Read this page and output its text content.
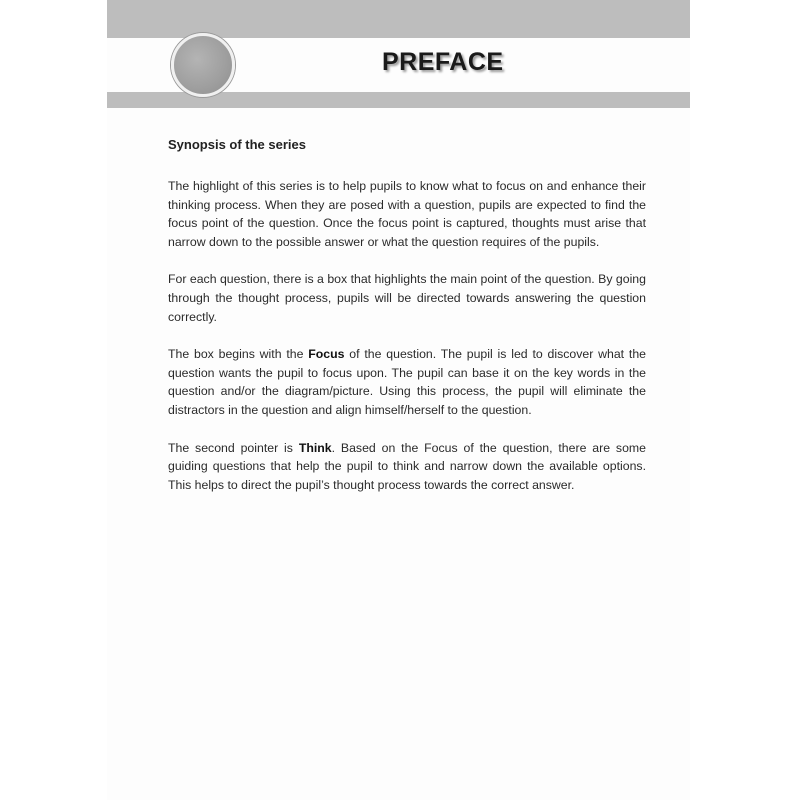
PREFACE
Synopsis of the series

The highlight of this series is to help pupils to know what to focus on and enhance their thinking process. When they are posed with a question, pupils are expected to find the focus point of the question. Once the focus point is captured, thoughts must arise that narrow down to the possible answer or what the question requires of the pupils.

For each question, there is a box that highlights the main point of the question. By going through the thought process, pupils will be directed towards answering the question correctly.

The box begins with the Focus of the question. The pupil is led to discover what the question wants the pupil to focus upon. The pupil can base it on the key words in the question and/or the diagram/picture. Using this process, the pupil will eliminate the distractors in the question and align himself/herself to the question.

The second pointer is Think. Based on the Focus of the question, there are some guiding questions that help the pupil to think and narrow down the available options. This helps to direct the pupil’s thought process towards the correct answer.
